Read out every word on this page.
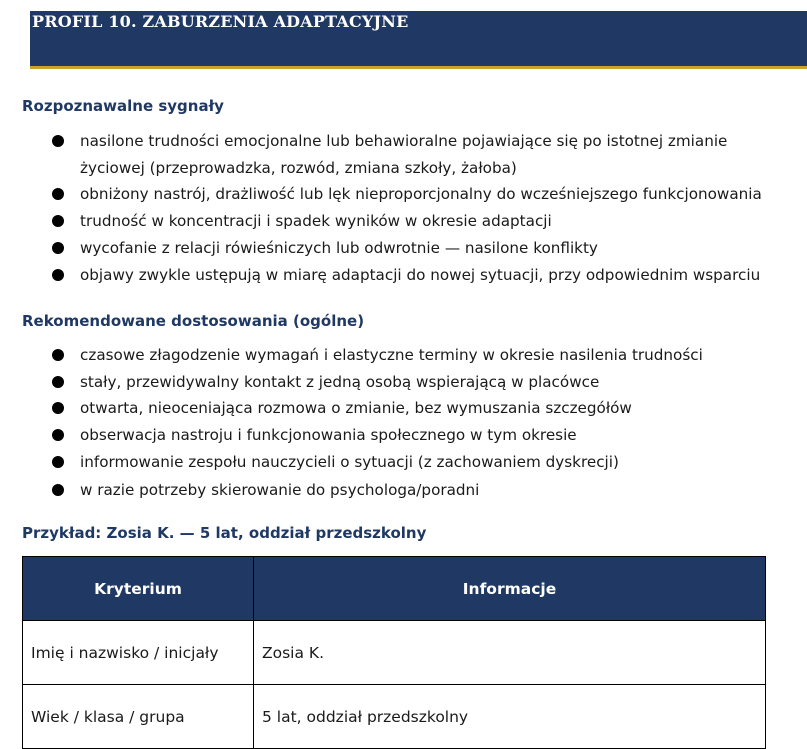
PROFIL 10. ZABURZENIA ADAPTACYJNE
Rozpoznawalne sygnały
nasilone trudności emocjonalne lub behawioralne pojawiające się po istotnej zmianie życiowej (przeprowadzka, rozwód, zmiana szkoły, żałoba)
obniżony nastrój, drażliwość lub lęk nieproporcjonalny do wcześniejszego funkcjonowania
trudność w koncentracji i spadek wyników w okresie adaptacji
wycofanie z relacji rówieśniczych lub odwrotnie — nasilone konflikty
objawy zwykle ustępują w miarę adaptacji do nowej sytuacji, przy odpowiednim wsparciu
Rekomendowane dostosowania (ogólne)
czasowe złagodzenie wymagań i elastyczne terminy w okresie nasilenia trudności
stały, przewidywalny kontakt z jedną osobą wspierającą w placówce
otwarta, nieoceniająca rozmowa o zmianie, bez wymuszania szczegółów
obserwacja nastroju i funkcjonowania społecznego w tym okresie
informowanie zespołu nauczycieli o sytuacji (z zachowaniem dyskrecji)
w razie potrzeby skierowanie do psychologa/poradni
Przykład: Zosia K. — 5 lat, oddział przedszkolny
Kryterium	Informacje
Imię i nazwisko / inicjały	Zosia K.
Wiek / klasa / grupa	5 lat, oddział przedszkolny
